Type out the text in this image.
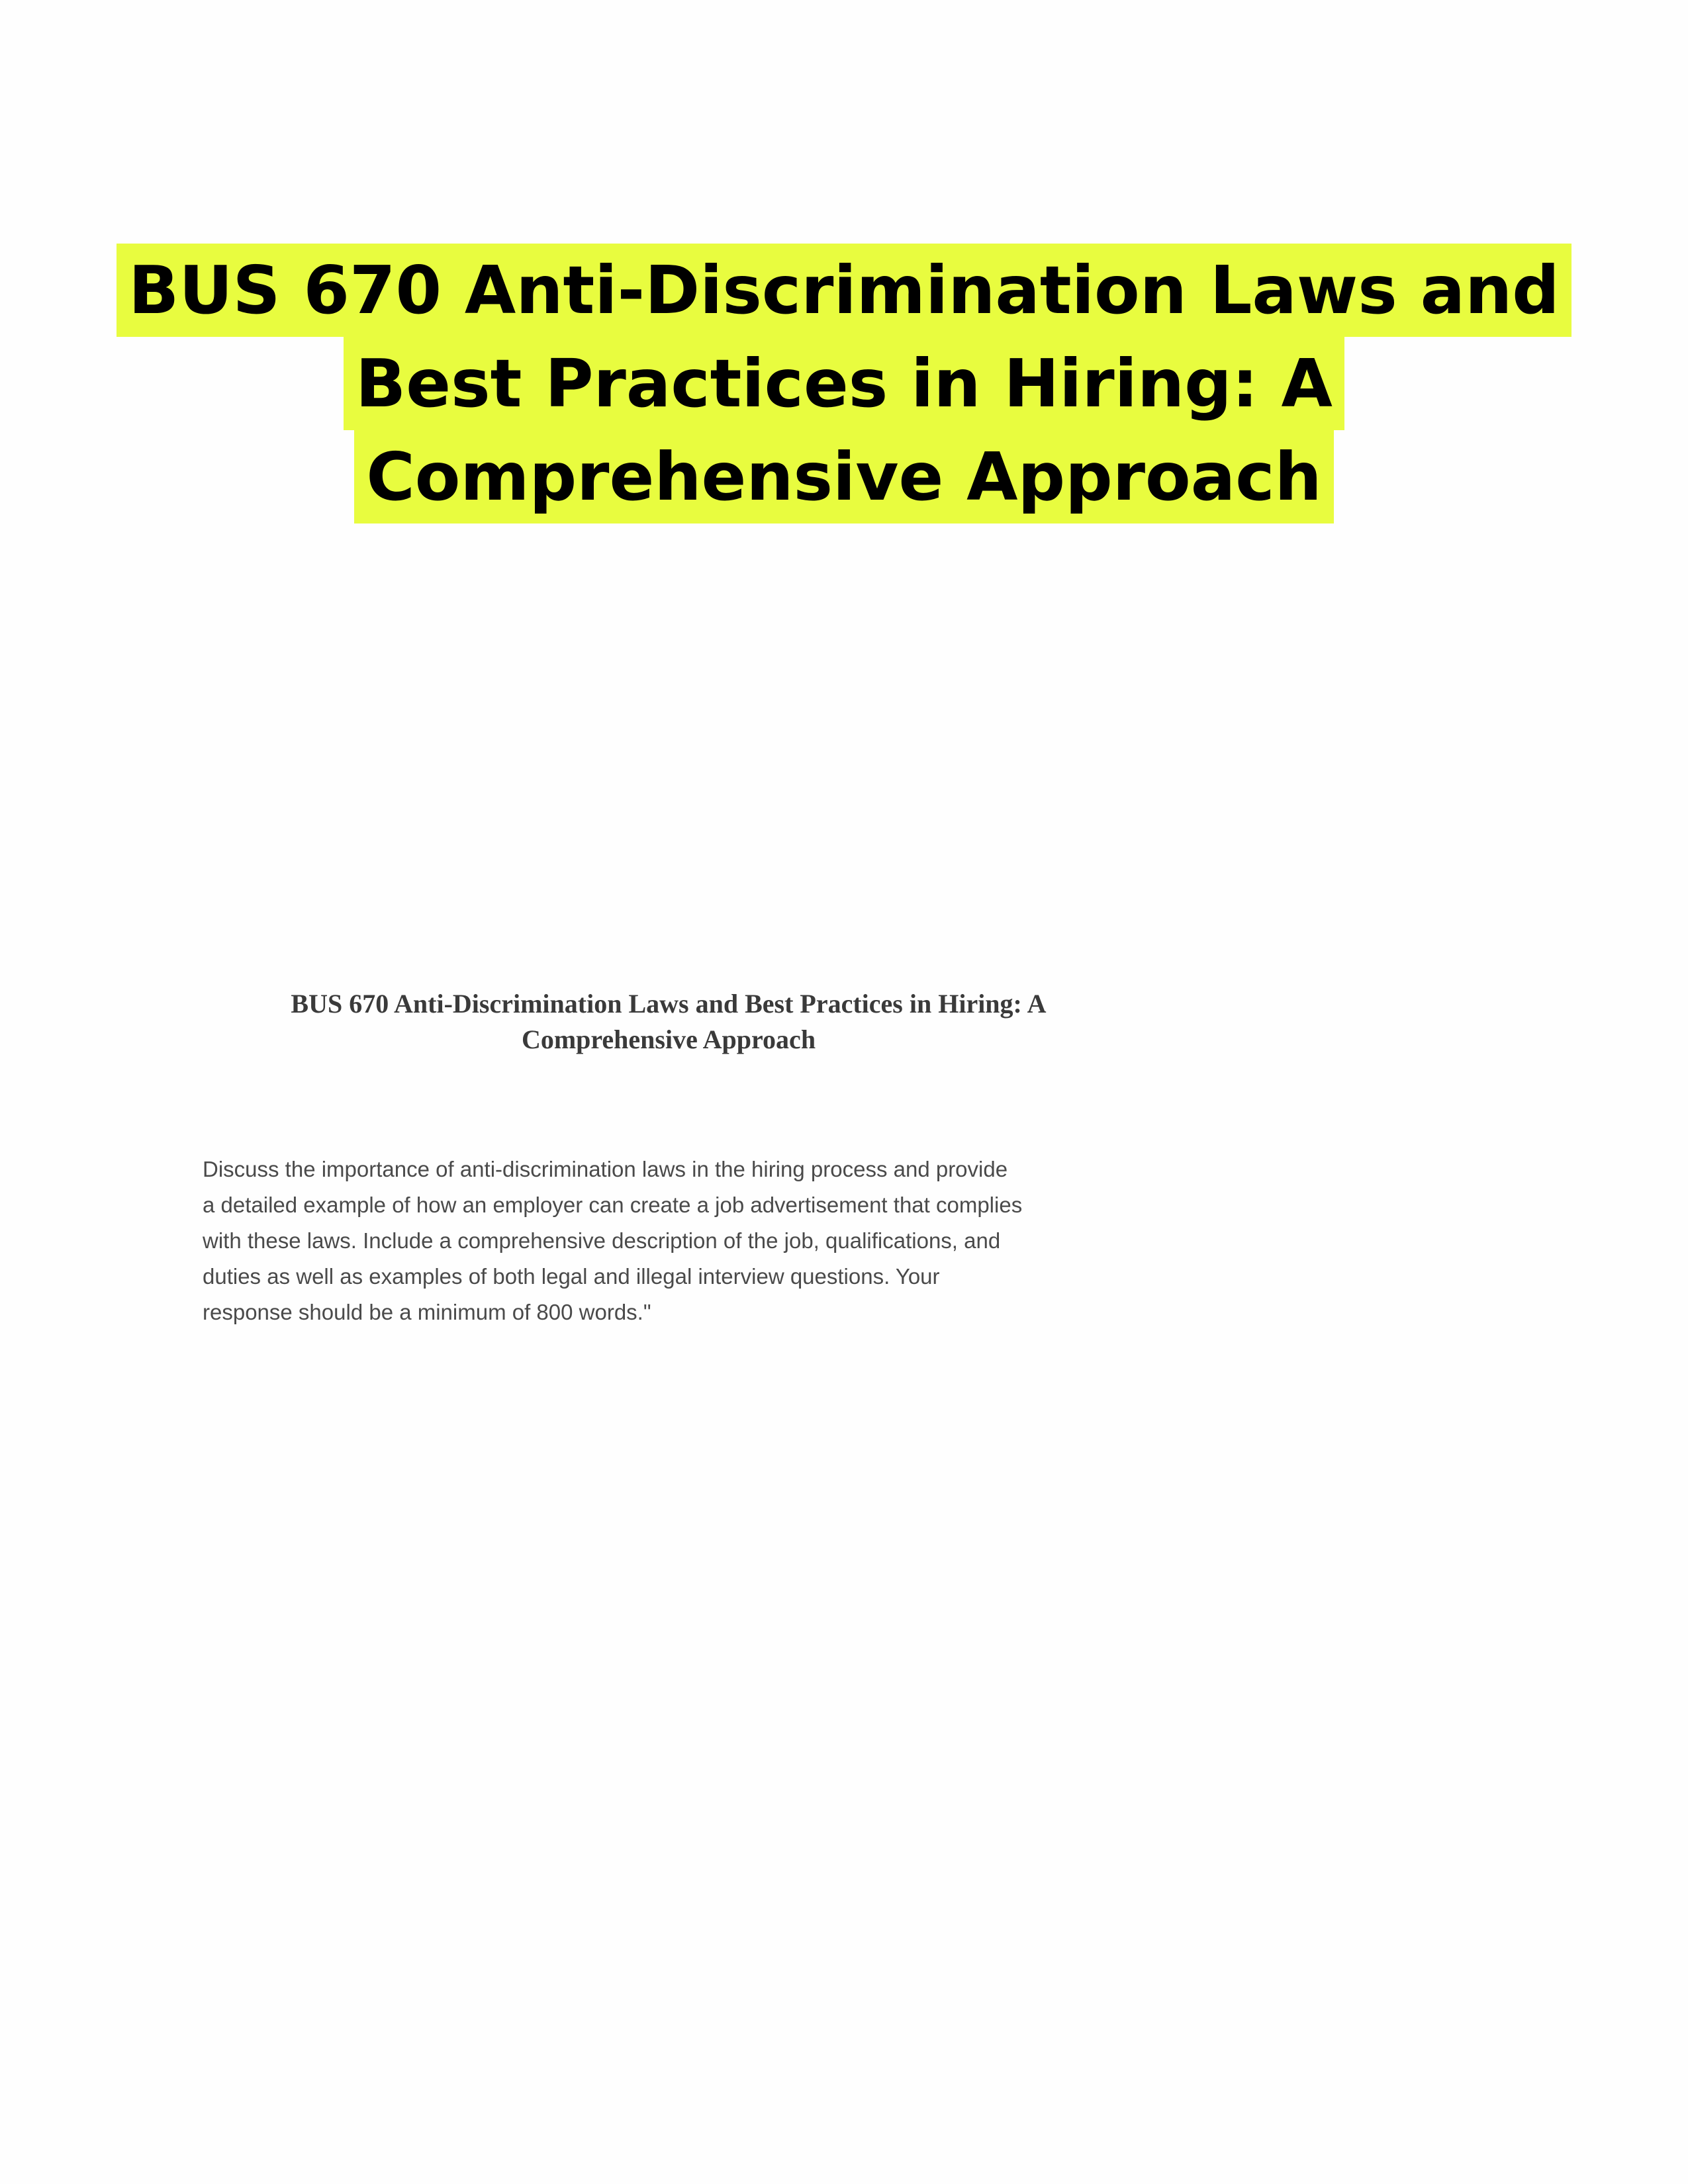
BUS 670 Anti-Discrimination Laws and
Best Practices in Hiring: A
Comprehensive Approach
BUS 670 Anti-Discrimination Laws and Best Practices in Hiring: A
Comprehensive Approach

Discuss the importance of anti-discrimination laws in the hiring process and provide
a detailed example of how an employer can create a job advertisement that complies
with these laws. Include a comprehensive description of the job, qualifications, and
duties as well as examples of both legal and illegal interview questions. Your
response should be a minimum of 800 words."
